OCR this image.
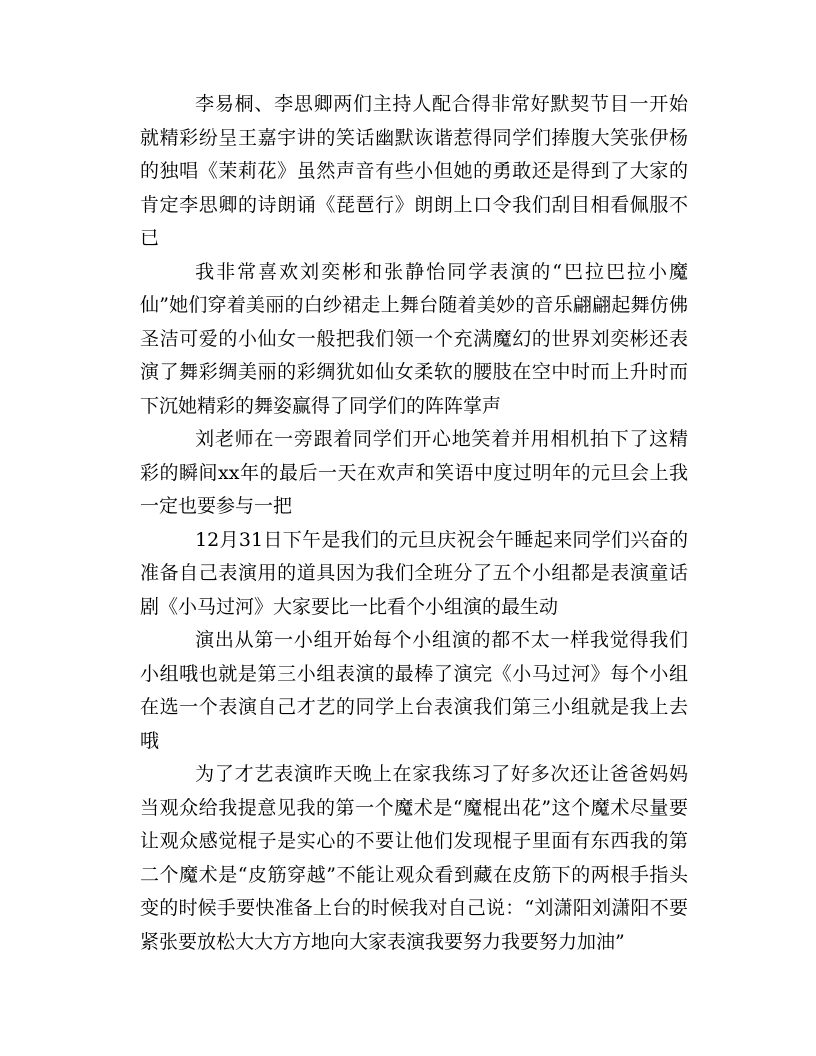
李易桐、李思卿两们主持人配合得非常好默契节目一开始就精彩纷呈王嘉宇讲的笑话幽默诙谐惹得同学们捧腹大笑张伊杨的独唱《茉莉花》虽然声音有些小但她的勇敢还是得到了大家的肯定李思卿的诗朗诵《琵琶行》朗朗上口令我们刮目相看佩服不已

我非常喜欢刘奕彬和张静怡同学表演的“巴拉巴拉小魔仙”她们穿着美丽的白纱裙走上舞台随着美妙的音乐翩翩起舞仿佛圣洁可爱的小仙女一般把我们领一个充满魔幻的世界刘奕彬还表演了舞彩绸美丽的彩绸犹如仙女柔软的腰肢在空中时而上升时而下沉她精彩的舞姿赢得了同学们的阵阵掌声

刘老师在一旁跟着同学们开心地笑着并用相机拍下了这精彩的瞬间xx年的最后一天在欢声和笑语中度过明年的元旦会上我一定也要参与一把

12月31日下午是我们的元旦庆祝会午睡起来同学们兴奋的准备自己表演用的道具因为我们全班分了五个小组都是表演童话剧《小马过河》大家要比一比看个小组演的最生动

演出从第一小组开始每个小组演的都不太一样我觉得我们小组哦也就是第三小组表演的最棒了演完《小马过河》每个小组在选一个表演自己才艺的同学上台表演我们第三小组就是我上去哦

为了才艺表演昨天晚上在家我练习了好多次还让爸爸妈妈当观众给我提意见我的第一个魔术是“魔棍出花”这个魔术尽量要让观众感觉棍子是实心的不要让他们发现棍子里面有东西我的第二个魔术是“皮筋穿越”不能让观众看到藏在皮筋下的两根手指头变的时候手要快准备上台的时候我对自己说：“刘潇阳刘潇阳不要紧张要放松大大方方地向大家表演我要努力我要努力加油”
